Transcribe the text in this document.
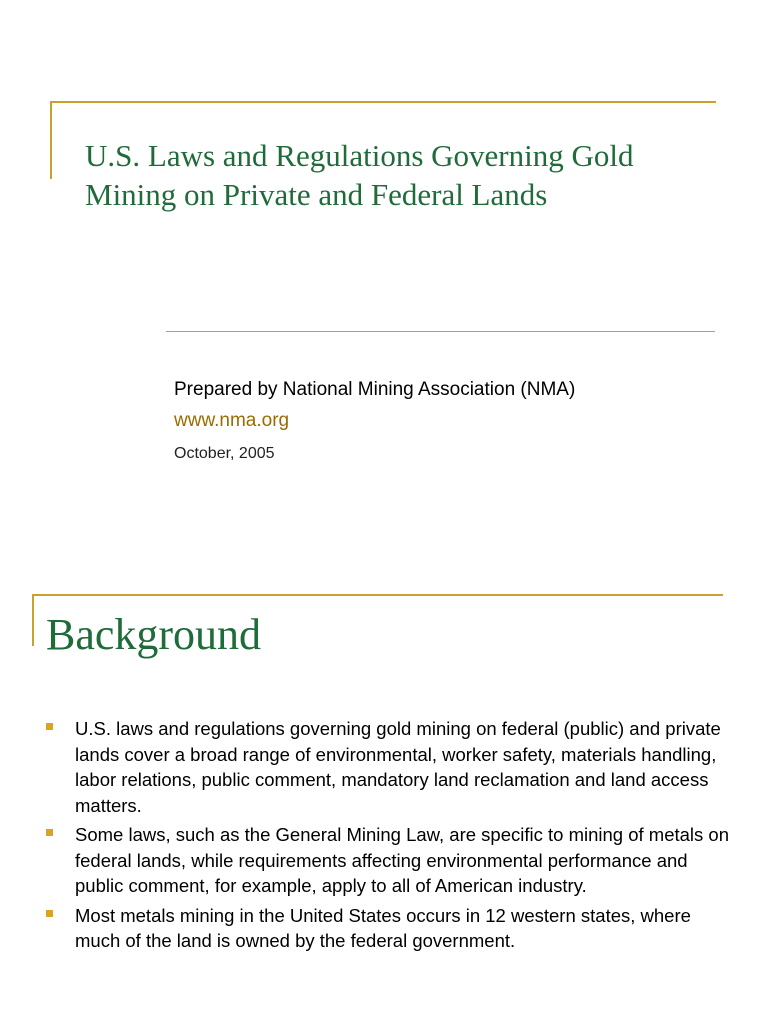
U.S. Laws and Regulations Governing Gold Mining on Private and Federal Lands

Prepared by National Mining Association (NMA)

www.nma.org

October, 2005

Background
U.S. laws and regulations governing gold mining on federal (public) and private lands cover a broad range of environmental, worker safety, materials handling, labor relations, public comment, mandatory land reclamation and land access matters.
Some laws, such as the General Mining Law, are specific to mining of metals on federal lands, while requirements affecting environmental performance and public comment, for example, apply to all of American industry.
Most metals mining in the United States occurs in 12 western states, where much of the land is owned by the federal government.
